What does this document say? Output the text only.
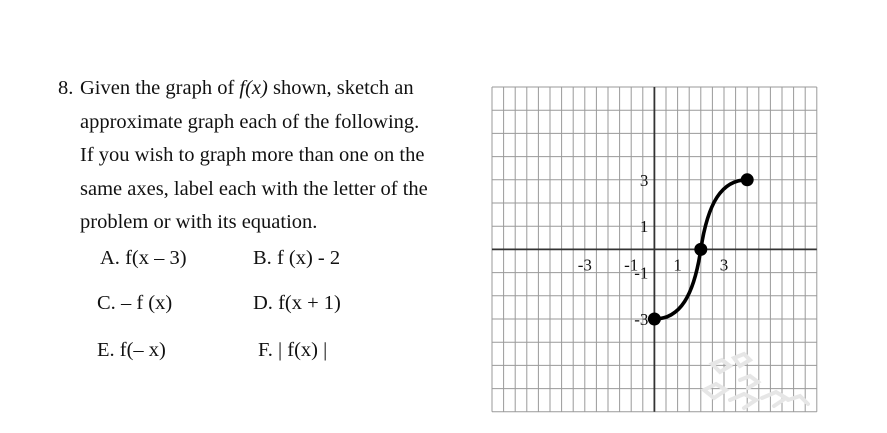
8. Given the graph of f(x) shown, sketch an
approximate graph each of the following.
If you wish to graph more than one on the
same axes, label each with the letter of the
problem or with its equation.
A. f(x – 3)	B. f (x) - 2
C. – f (x)	D. f(x + 1)
E. f(– x)	F. | f(x) |
-3 -1 1 3
3
1
-1
-3
